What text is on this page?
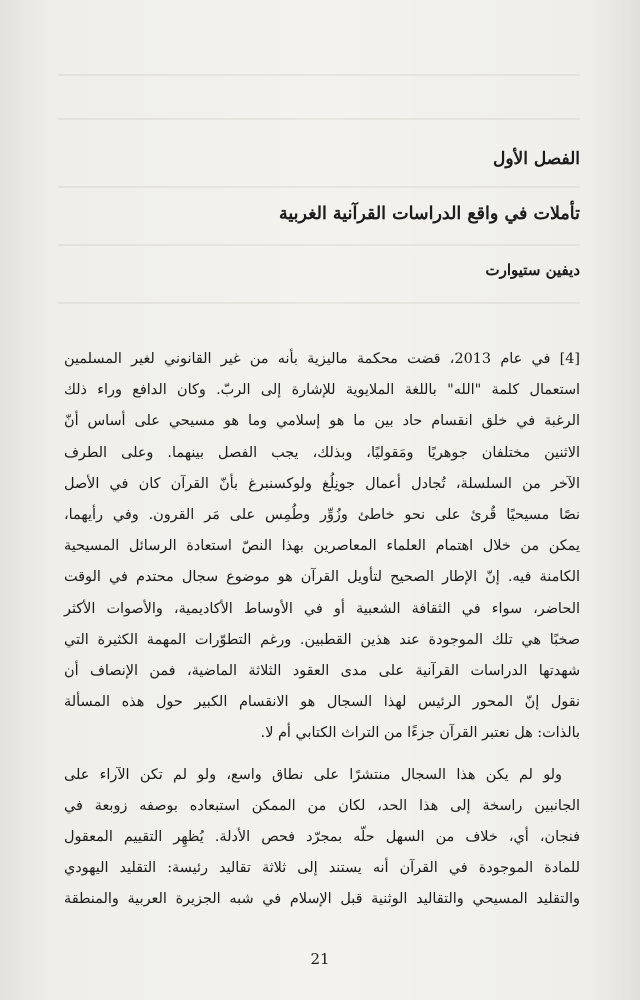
الفصل الأول
تأملات في واقع الدراسات القرآنية الغربية
ديفين ستيوارت
[4] في عام 2013، قضت محكمة ماليزية بأنه من غير القانوني لغير المسلمين
استعمال كلمة "الله" باللغة الملايوية للإشارة إلى الربّ. وكان الدافع وراء ذلك
الرغبة في خلق انقسام حاد بين ما هو إسلامي وما هو مسيحي على أساس أنّ
الاثنين مختلفان جوهريًا ومَقوليًا، وبذلك، يجب الفصل بينهما. وعلى الطرف
الآخر من السلسلة، تُجادل أعمال جونِلُغ ولوكسنبرغ بأنّ القرآن كان في الأصل
نصًا مسيحيًا قُرئ على نحو خاطئ وزُوِّر وطُمِس على مَر القرون. وفي رأيهما،
يمكن من خلال اهتمام العلماء المعاصرين بهذا النصّ استعادة الرسائل المسيحية
الكامنة فيه. إنّ الإطار الصحيح لتأويل القرآن هو موضوع سجال محتدم في الوقت
الحاضر، سواء في الثقافة الشعبية أو في الأوساط الأكاديمية، والأصوات الأكثر
صخبًا هي تلك الموجودة عند هذين القطبين. ورغم التطوّرات المهمة الكثيرة التي
شهدتها الدراسات القرآنية على مدى العقود الثلاثة الماضية، فمن الإنصاف أن
نقول إنّ المحور الرئيس لهذا السجال هو الانقسام الكبير حول هذه المسألة
بالذات: هل نعتبر القرآن جزءًا من التراث الكتابي أم لا.
ولو لم يكن هذا السجال منتشرًا على نطاق واسع، ولو لم تكن الآراء على
الجانبين راسخة إلى هذا الحد، لكان من الممكن استبعاده بوصفه زوبعة في
فنجان، أي، خلاف من السهل حلّه بمجرّد فحص الأدلة. يُظهِر التقييم المعقول
للمادة الموجودة في القرآن أنه يستند إلى ثلاثة تقاليد رئيسة: التقليد اليهودي
والتقليد المسيحي والتقاليد الوثنية قبل الإسلام في شبه الجزيرة العربية والمنطقة
21
